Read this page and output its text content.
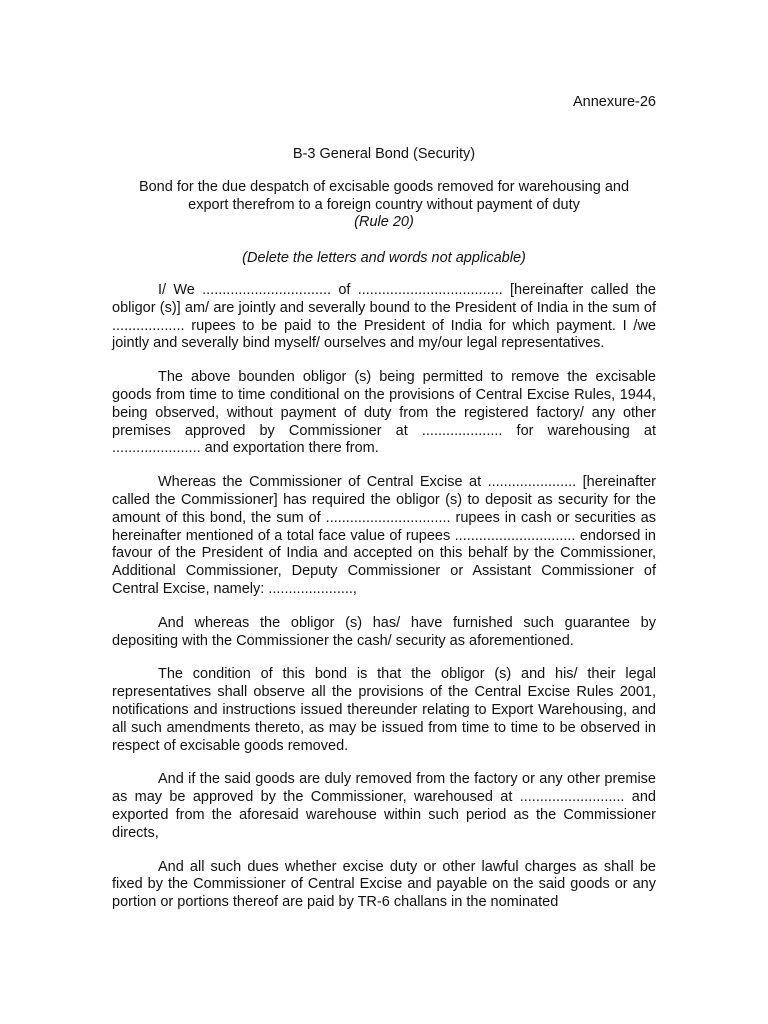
Annexure-26
B-3 General Bond (Security)
Bond for the due despatch of excisable goods removed for warehousing and
export therefrom to a foreign country without payment of duty
(Rule 20)
(Delete the letters and words not applicable)

I/ We ................................ of .................................... [hereinafter called the obligor (s)] am/ are jointly and severally bound to the President of India in the sum of .................. rupees to be paid to the President of India for which payment. I /we jointly and severally bind myself/ ourselves and my/our legal representatives.

The above bounden obligor (s) being permitted to remove the excisable goods from time to time conditional on the provisions of Central Excise Rules, 1944, being observed, without payment of duty from the registered factory/ any other premises approved by Commissioner at .................... for warehousing at ...................... and exportation there from.

Whereas the Commissioner of Central Excise at ...................... [hereinafter called the Commissioner] has required the obligor (s) to deposit as security for the amount of this bond, the sum of ............................... rupees in cash or securities as hereinafter mentioned of a total face value of rupees .............................. endorsed in favour of the President of India and accepted on this behalf by the Commissioner, Additional Commissioner, Deputy Commissioner or Assistant Commissioner of Central Excise, namely: .....................,

And whereas the obligor (s) has/ have furnished such guarantee by depositing with the Commissioner the cash/ security as aforementioned.

The condition of this bond is that the obligor (s) and his/ their legal representatives shall observe all the provisions of the Central Excise Rules 2001, notifications and instructions issued thereunder relating to Export Warehousing, and all such amendments thereto, as may be issued from time to time to be observed in respect of excisable goods removed.

And if the said goods are duly removed from the factory or any other premise as may be approved by the Commissioner, warehoused at .......................... and exported from the aforesaid warehouse within such period as the Commissioner directs,

And all such dues whether excise duty or other lawful charges as shall be fixed by the Commissioner of Central Excise and payable on the said goods or any portion or portions thereof are paid by TR-6 challans in the nominated
